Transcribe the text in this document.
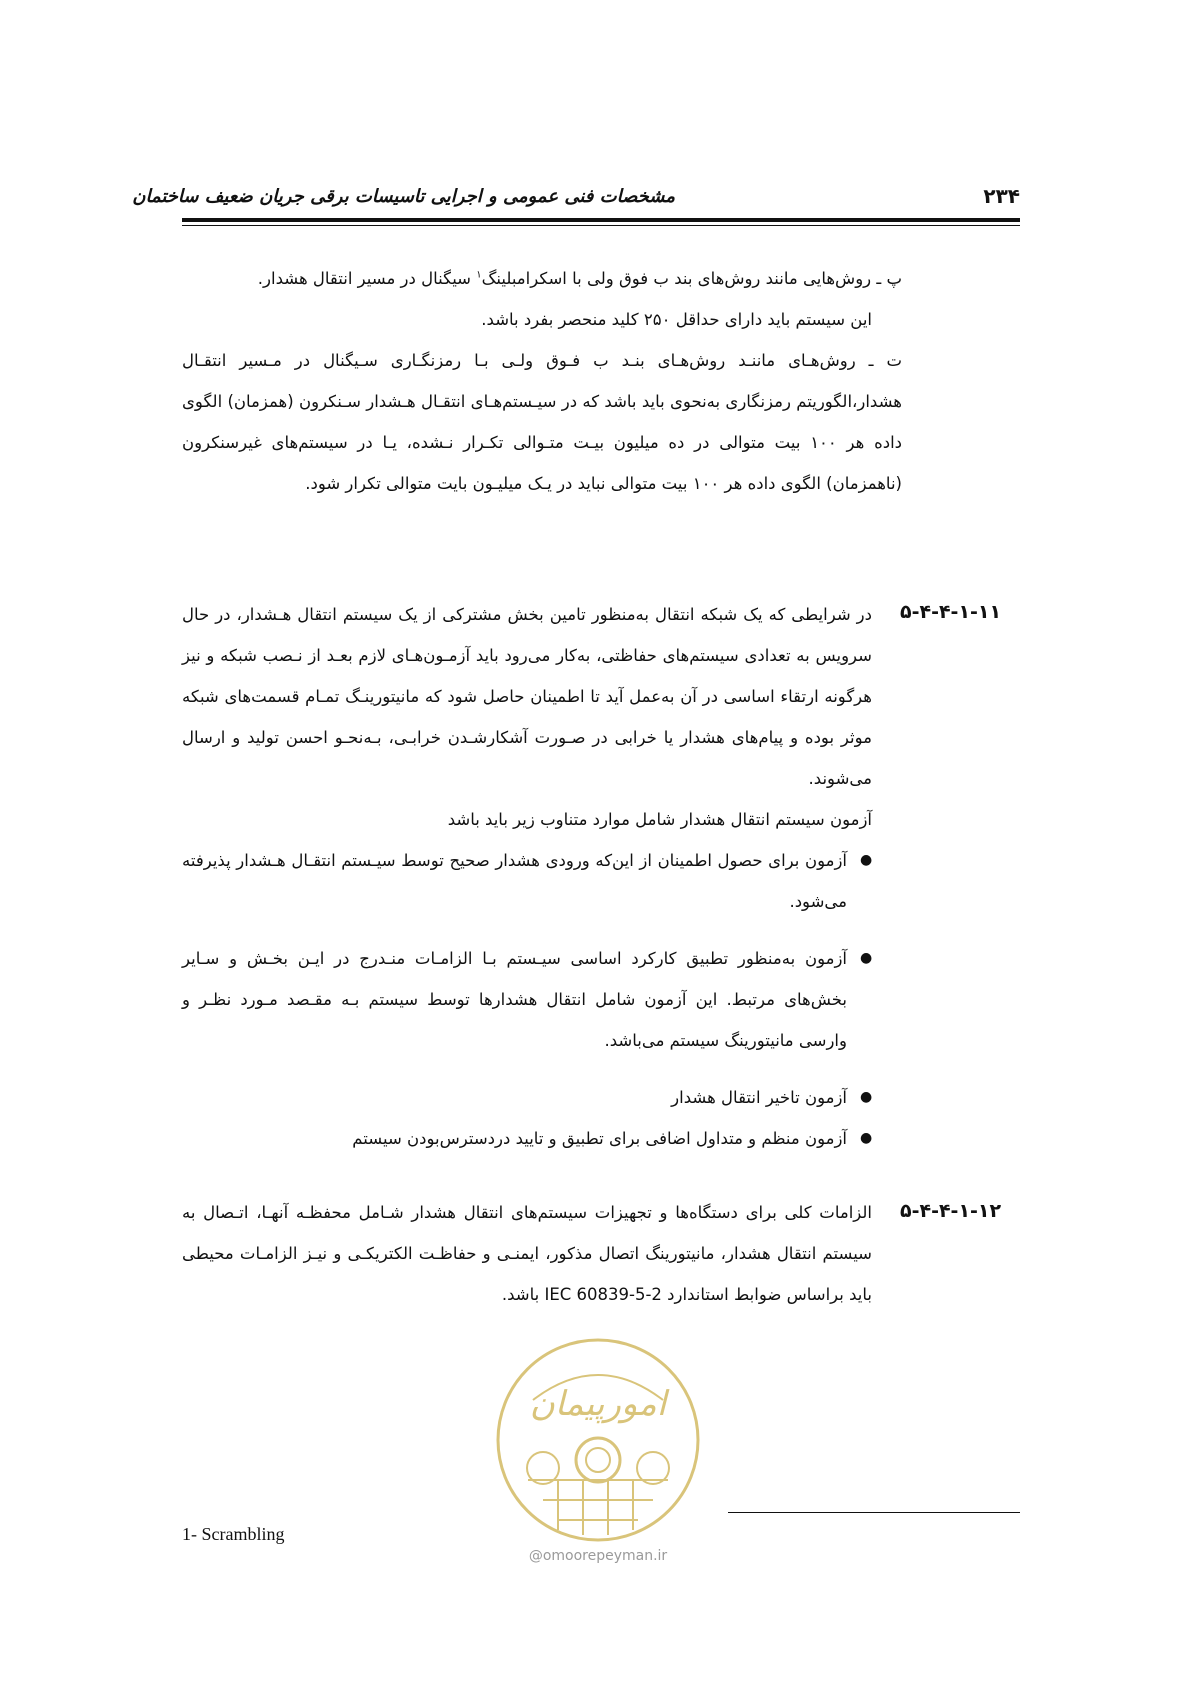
مشخصات فنی عمومی و اجرایی تاسیسات برقی جریان ضعیف ساختمان	۲۳۴
پ ـ روش‌هایی مانند روش‌های بند ب فوق ولی با اسکرامبلینگ$^۱$ سیگنال در مسیر انتقال هشدار.
این سیستم باید دارای حداقل ۲۵۰ کلید منحصر بفرد باشد.
ت ـ روش‌هـای ماننـد روش‌هـای بنـد ب فـوق ولـی بـا رمزنگـاری سـیگنال در مـسیر انتقـال هشدار،الگوریتم رمزنگاری به‌نحوی باید باشد که در سیـستم‌هـای انتقـال هـشدار سـنکرون (همزمان) الگوی داده هر ۱۰۰ بیت متوالی در ده میلیون بیـت متـوالی تکـرار نـشده، یـا در سیستم‌های غیرسنکرون (ناهمزمان) الگوی داده هر ۱۰۰ بیت متوالی نباید در یـک میلیـون بایت متوالی تکرار شود.
۵-۴-۴-۱-۱۱
در شرایطی که یک شبکه انتقال به‌منظور تامین بخش مشترکی از یک سیستم انتقال هـشدار، در حال سرویس به تعدادی سیستم‌های حفاظتی، به‌کار می‌رود باید آزمـون‌هـای لازم بعـد از نـصب شبکه و نیز هرگونه ارتقاء اساسی در آن به‌عمل آید تا اطمینان حاصل شود که مانیتورینـگ تمـام قسمت‌های شبکه موثر بوده و پیام‌های هشدار یا خرابی در صـورت آشکارشـدن خرابـی، بـه‌نحـو احسن تولید و ارسال می‌شوند.
آزمون سیستم انتقال هشدار شامل موارد متناوب زیر باید باشد
●
آزمون برای حصول اطمینان از این‌که ورودی هشدار صحیح توسط سیـستم انتقـال هـشدار پذیرفته می‌شود.
●
آزمون به‌منظور تطبیق کارکرد اساسی سیـستم بـا الزامـات منـدرج در ایـن بخـش و سـایر بخش‌های مرتبط. این آزمون شامل انتقال هشدارها توسط سیستم بـه مقـصد مـورد نظـر و وارسی مانیتورینگ سیستم می‌باشد.
●
آزمون تاخیر انتقال هشدار
●
آزمون منظم و متداول اضافی برای تطبیق و تایید دردسترس‌بودن سیستم
۵-۴-۴-۱-۱۲
الزامات کلی برای دستگاه‌ها و تجهیزات سیستم‌های انتقال هشدار شـامل محفظـه آنهـا، اتـصال به سیستم انتقال هشدار، مانیتورینگ اتصال مذکور، ایمنـی و حفاظـت الکتریکـی و نیـز الزامـات محیطی باید براساس ضوابط استاندارد IEC 60839-5-2 باشد.
امورپیمان
@omoorepeyman.ir
1- Scrambling
